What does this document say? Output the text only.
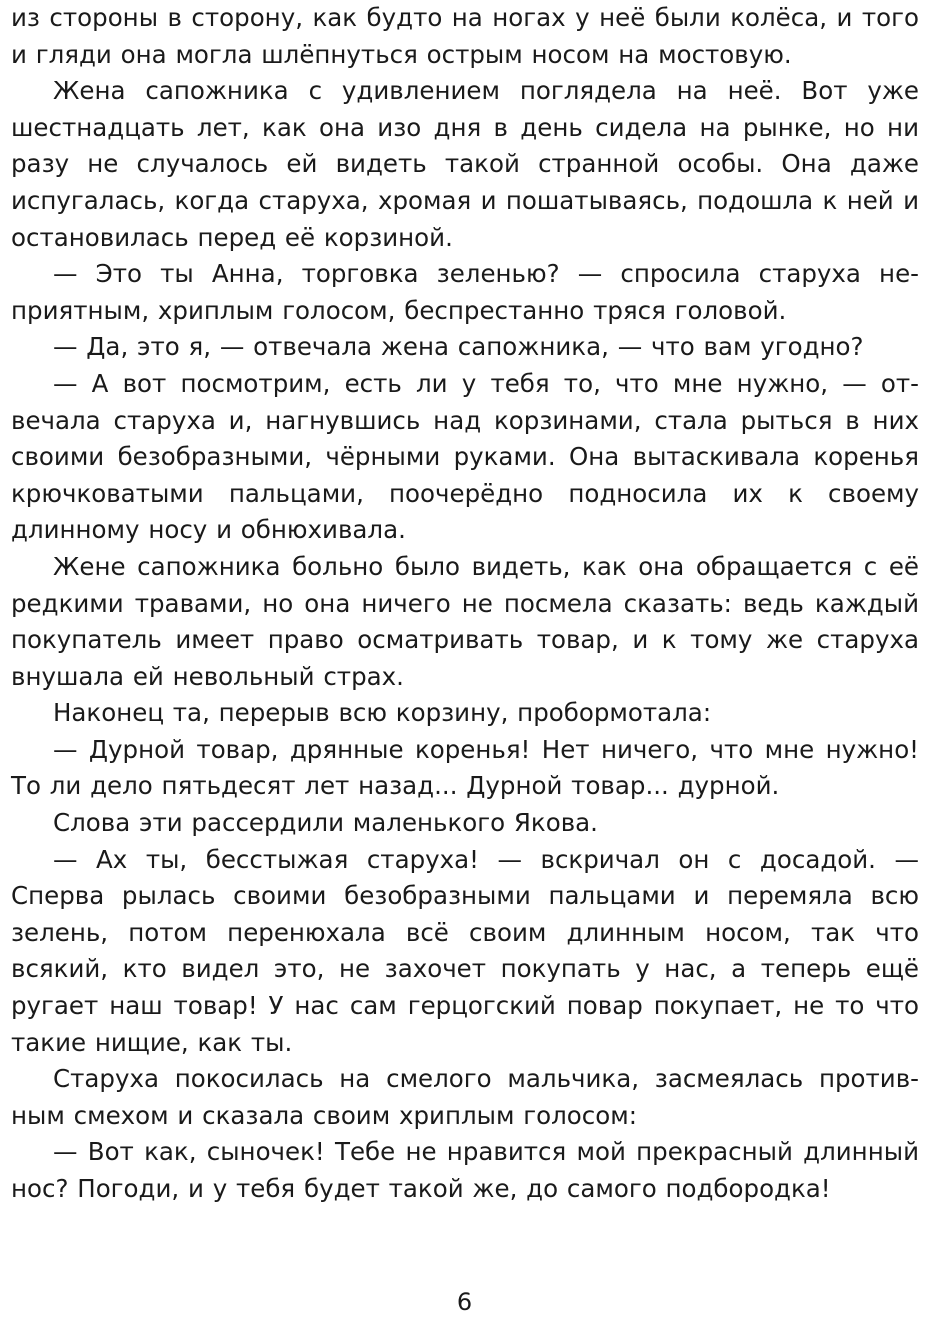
из стороны в сторону, как будто на ногах у неё были колёса, и того и гляди она могла шлёпнуться острым носом на мостовую.

Жена сапожника с удивлением поглядела на неё. Вот уже шестнадцать лет, как она изо дня в день сидела на рынке, но ни разу не случалось ей видеть такой странной особы. Она даже испугалась, когда старуха, хромая и пошатываясь, подошла к ней и остановилась перед её корзиной.

— Это ты Анна, торговка зеленью? — спросила старуха неприятным, хриплым голосом, беспрестанно тряся головой.

— Да, это я, — отвечала жена сапожника, — что вам угодно?

— А вот посмотрим, есть ли у тебя то, что мне нужно, — отвечала старуха и, нагнувшись над корзинами, стала рыться в них своими безобразными, чёрными руками. Она вытаскивала коренья крючковатыми пальцами, поочерёдно подносила их к своему длинному носу и обнюхивала.

Жене сапожника больно было видеть, как она обращается с её редкими травами, но она ничего не посмела сказать: ведь каждый покупатель имеет право осматривать товар, и к тому же старуха внушала ей невольный страх.

Наконец та, перерыв всю корзину, пробормотала:

— Дурной товар, дрянные коренья! Нет ничего, что мне нужно! То ли дело пятьдесят лет назад... Дурной товар... дурной.

Слова эти рассердили маленького Якова.

— Ах ты, бесстыжая старуха! — вскричал он с досадой. — Сперва рылась своими безобразными пальцами и перемяла всю зелень, потом перенюхала всё своим длинным носом, так что всякий, кто видел это, не захочет покупать у нас, а теперь ещё ругает наш товар! У нас сам герцогский повар покупает, не то что такие нищие, как ты.

Старуха покосилась на смелого мальчика, засмеялась противным смехом и сказала своим хриплым голосом:

— Вот как, сыночек! Тебе не нравится мой прекрасный длинный нос? Погоди, и у тебя будет такой же, до самого подбородка!

6
